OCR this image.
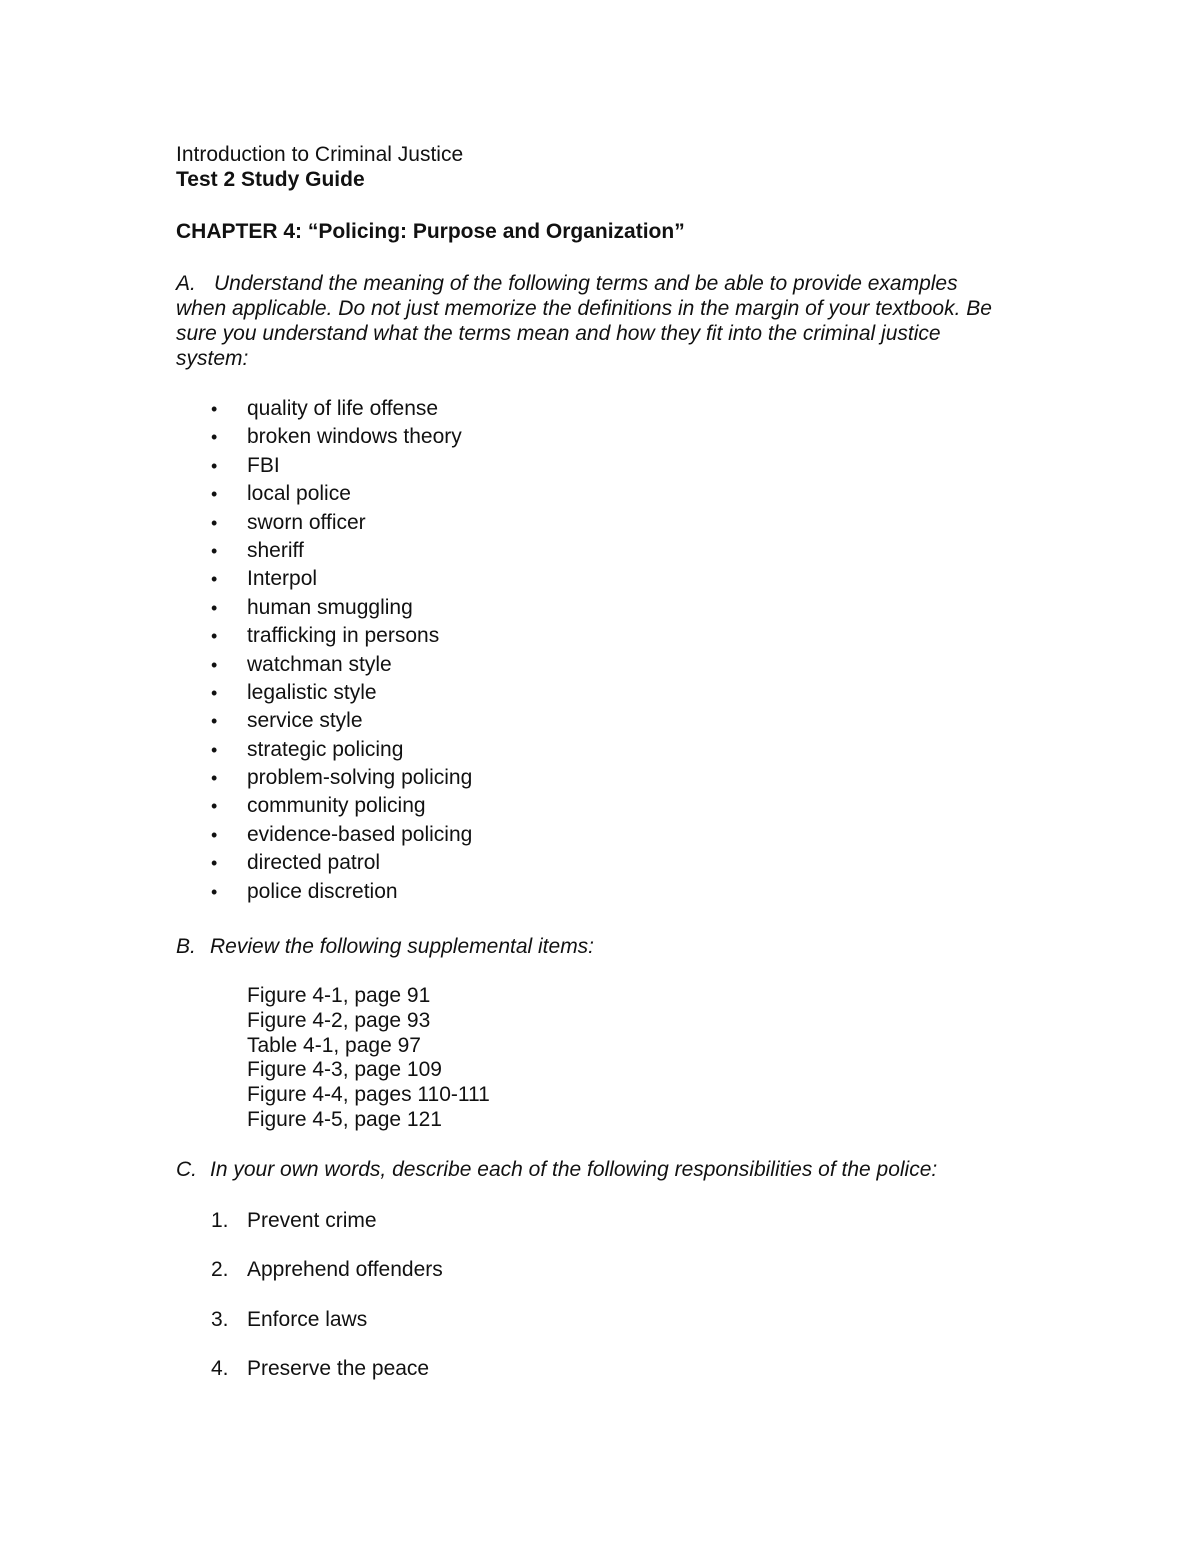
Introduction to Criminal Justice
Test 2 Study Guide
CHAPTER 4: “Policing: Purpose and Organization”
A. Understand the meaning of the following terms and be able to provide examples
when applicable. Do not just memorize the definitions in the margin of your textbook. Be
sure you understand what the terms mean and how they fit into the criminal justice
system:
• quality of life offense
• broken windows theory
• FBI
• local police
• sworn officer
• sheriff
• Interpol
• human smuggling
• trafficking in persons
• watchman style
• legalistic style
• service style
• strategic policing
• problem-solving policing
• community policing
• evidence-based policing
• directed patrol
• police discretion
B. Review the following supplemental items:
Figure 4-1, page 91
Figure 4-2, page 93
Table 4-1, page 97
Figure 4-3, page 109
Figure 4-4, pages 110-111
Figure 4-5, page 121
C. In your own words, describe each of the following responsibilities of the police:
1. Prevent crime
2. Apprehend offenders
3. Enforce laws
4. Preserve the peace
